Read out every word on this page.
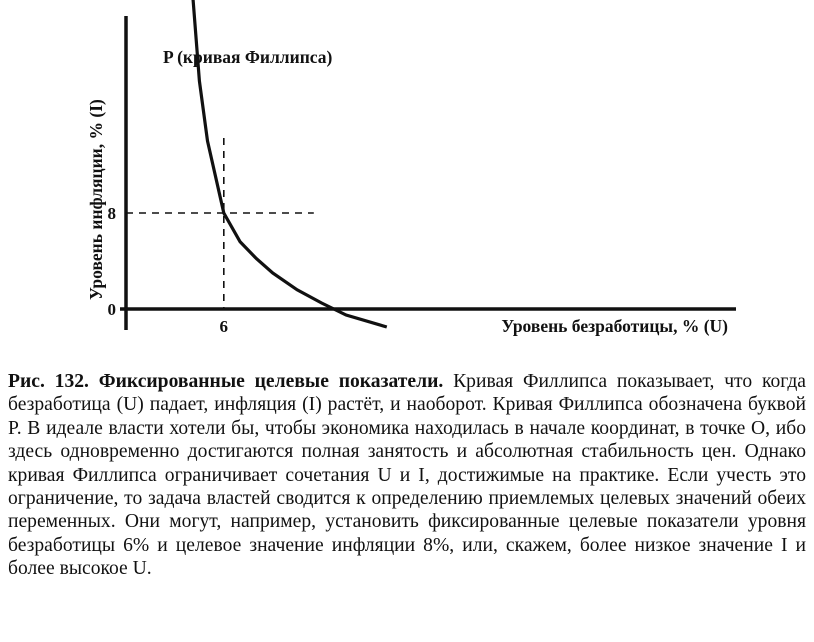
0
8
6
P (кривая Филлипса)
Уровень безработицы, % (U)
Уровень инфляции, % (I)

Рис. 132. Фиксированные целевые показатели. Кривая Филлипса показывает, что когда безработица (U) падает, инфляция (I) растёт, и наоборот. Кривая Филлипса обозначена буквой P. В идеале власти хотели бы, чтобы экономика находилась в начале координат, в точке O, ибо здесь одновременно достигаются полная занятость и абсолютная стабильность цен. Однако кривая Филлипса ограничивает сочетания U и I, достижимые на практике. Если учесть это ограничение, то задача властей сводится к определению приемлемых целевых значений обеих переменных. Они могут, например, установить фиксированные целевые показатели уровня безработицы 6% и целевое значение инфляции 8%, или, скажем, более низкое значение I и более высокое U.
